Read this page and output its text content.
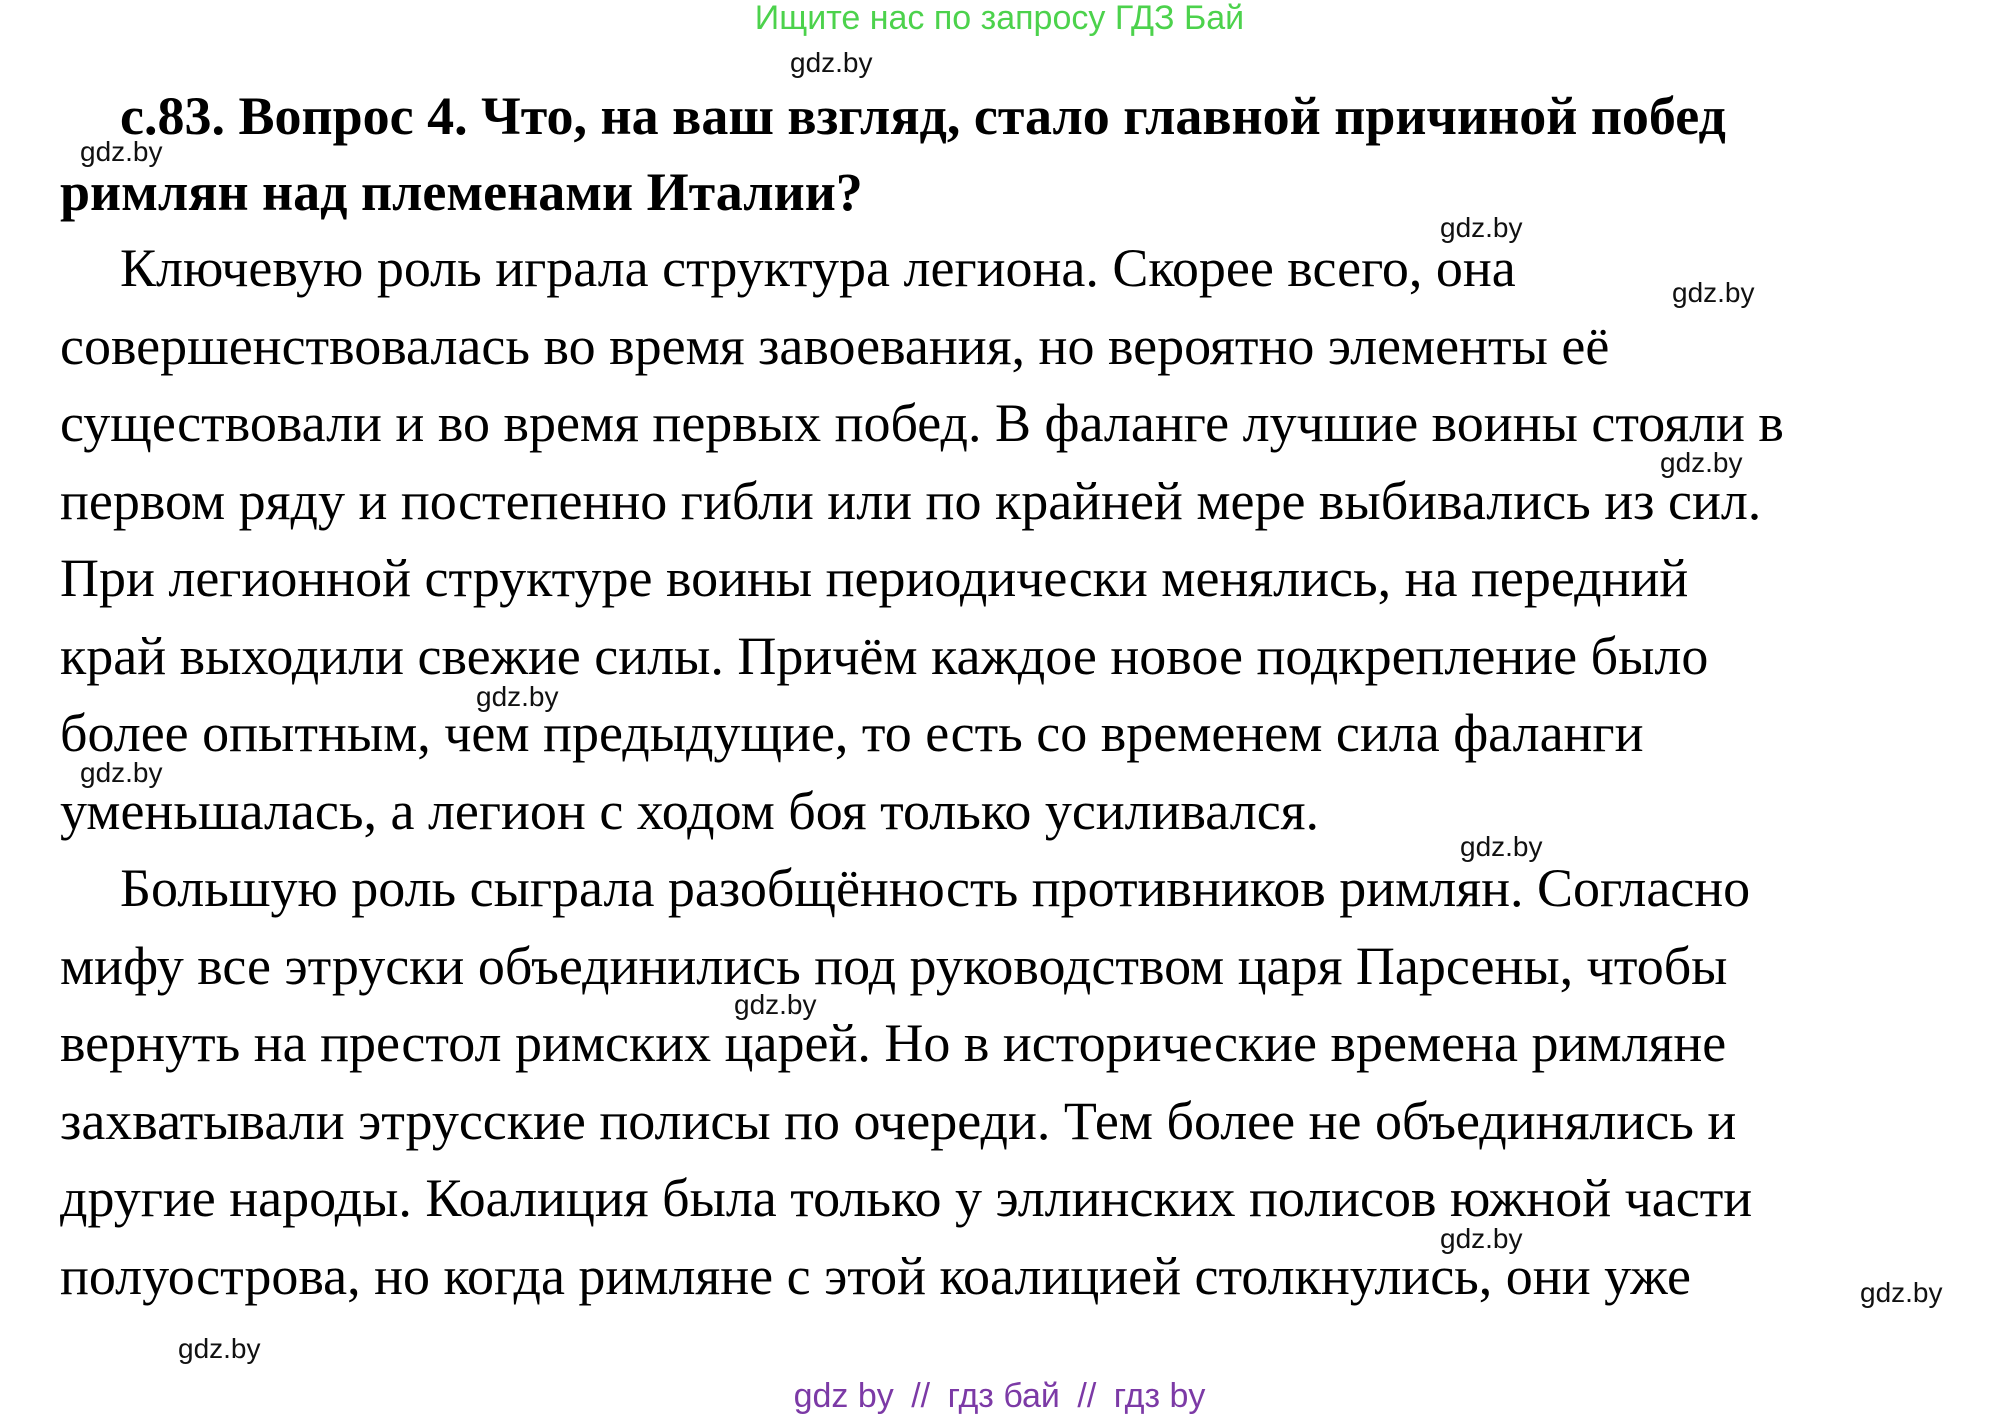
Ищите нас по запросу ГДЗ Бай
с.83. Вопрос 4. Что, на ваш взгляд, стало главной причиной побед
римлян над племенами Италии?

Ключевую роль играла структура легиона. Скорее всего, она
совершенствовалась во время завоевания, но вероятно элементы её
существовали и во время первых побед. В фаланге лучшие воины стояли в
первом ряду и постепенно гибли или по крайней мере выбивались из сил.
При легионной структуре воины периодически менялись, на передний
край выходили свежие силы. Причём каждое новое подкрепление было
более опытным, чем предыдущие, то есть со временем сила фаланги
уменьшалась, а легион с ходом боя только усиливался.

Большую роль сыграла разобщённость противников римлян. Согласно
мифу все этруски объединились под руководством царя Парсены, чтобы
вернуть на престол римских царей. Но в исторические времена римляне
захватывали этрусские полисы по очереди. Тем более не объединялись и
другие народы. Коалиция была только у эллинских полисов южной части
полуострова, но когда римляне с этой коалицией столкнулись, они уже

gdz.by
gdz.by
gdz.by
gdz.by
gdz.by
gdz.by
gdz.by
gdz.by
gdz.by
gdz.by
gdz.by
gdz.by
gdz by // гдз бай // гдз by
